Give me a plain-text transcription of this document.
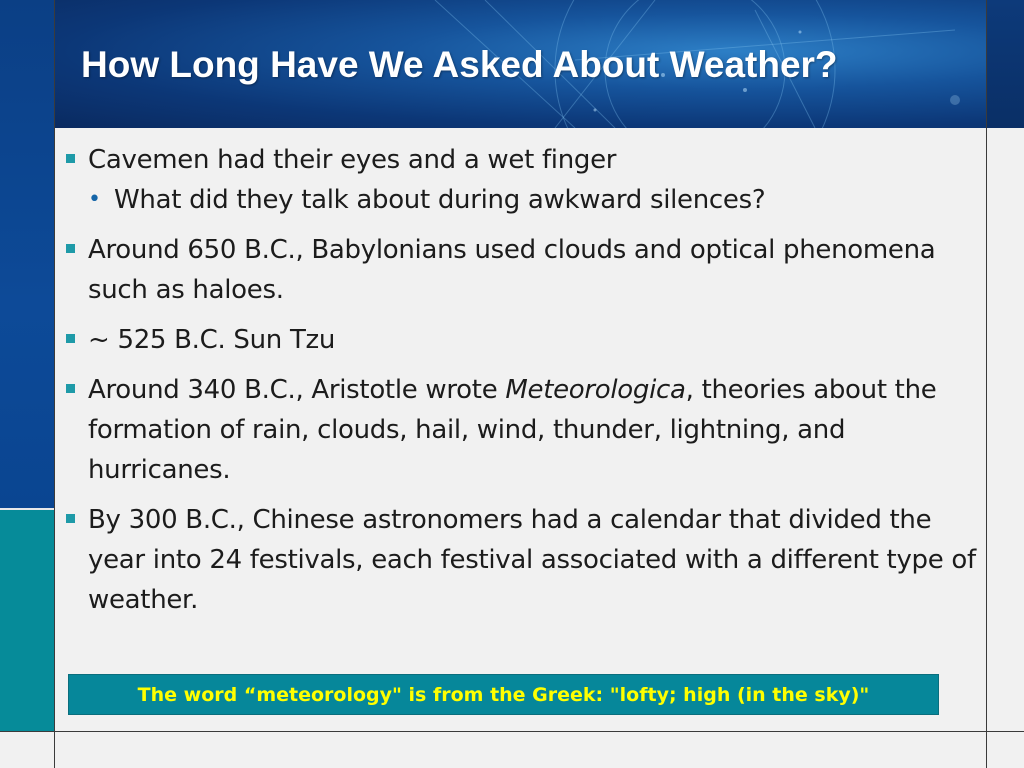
How Long Have We Asked About Weather?
Cavemen had their eyes and a wet finger
• What did they talk about during awkward silences?
Around 650 B.C., Babylonians used clouds and optical phenomena such as haloes.
~ 525 B.C. Sun Tzu
Around 340 B.C., Aristotle wrote Meteorologica, theories about the formation of rain, clouds, hail, wind, thunder, lightning, and hurricanes.
By 300 B.C., Chinese astronomers had a calendar that divided the year into 24 festivals, each festival associated with a different type of weather.
The word “meteorology" is from the Greek: "lofty; high (in the sky)"
